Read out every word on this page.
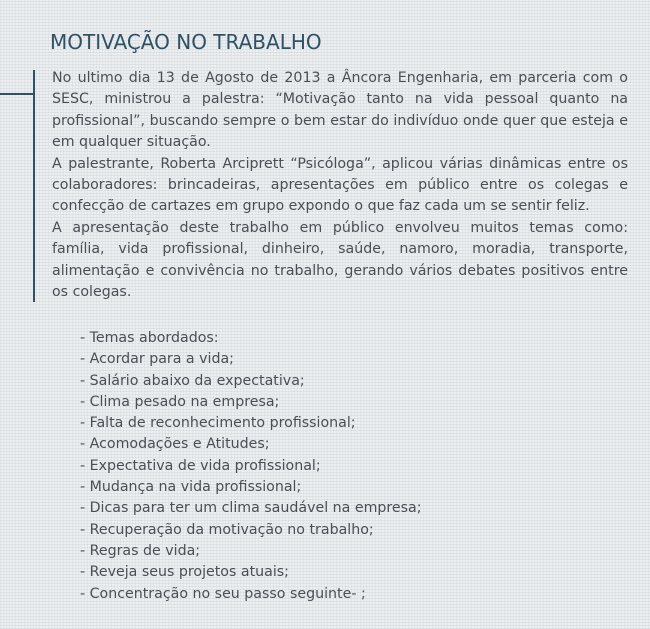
MOTIVAÇÃO NO TRABALHO

No ultimo dia 13 de Agosto de 2013 a Âncora Engenharia, em parceria com o SESC, ministrou a palestra: “Motivação tanto na vida pessoal quanto na profissional”, buscando sempre o bem estar do indivíduo onde quer que esteja e em qualquer situação.

A palestrante, Roberta Arciprett “Psicóloga”, aplicou várias dinâmicas entre os colaboradores: brincadeiras, apresentações em público entre os colegas e confecção de cartazes em grupo expondo o que faz cada um se sentir feliz.

A apresentação deste trabalho em público envolveu muitos temas como: família, vida profissional, dinheiro, saúde, namoro, moradia, transporte, alimentação e convivência no trabalho, gerando vários debates positivos entre os colegas.

- Temas abordados:
- Acordar para a vida;
- Salário abaixo da expectativa;
- Clima pesado na empresa;
- Falta de reconhecimento profissional;
- Acomodações e Atitudes;
- Expectativa de vida profissional;
- Mudança na vida profissional;
- Dicas para ter um clima saudável na empresa;
- Recuperação da motivação no trabalho;
- Regras de vida;
- Reveja seus projetos atuais;
- Concentração no seu passo seguinte- ;
